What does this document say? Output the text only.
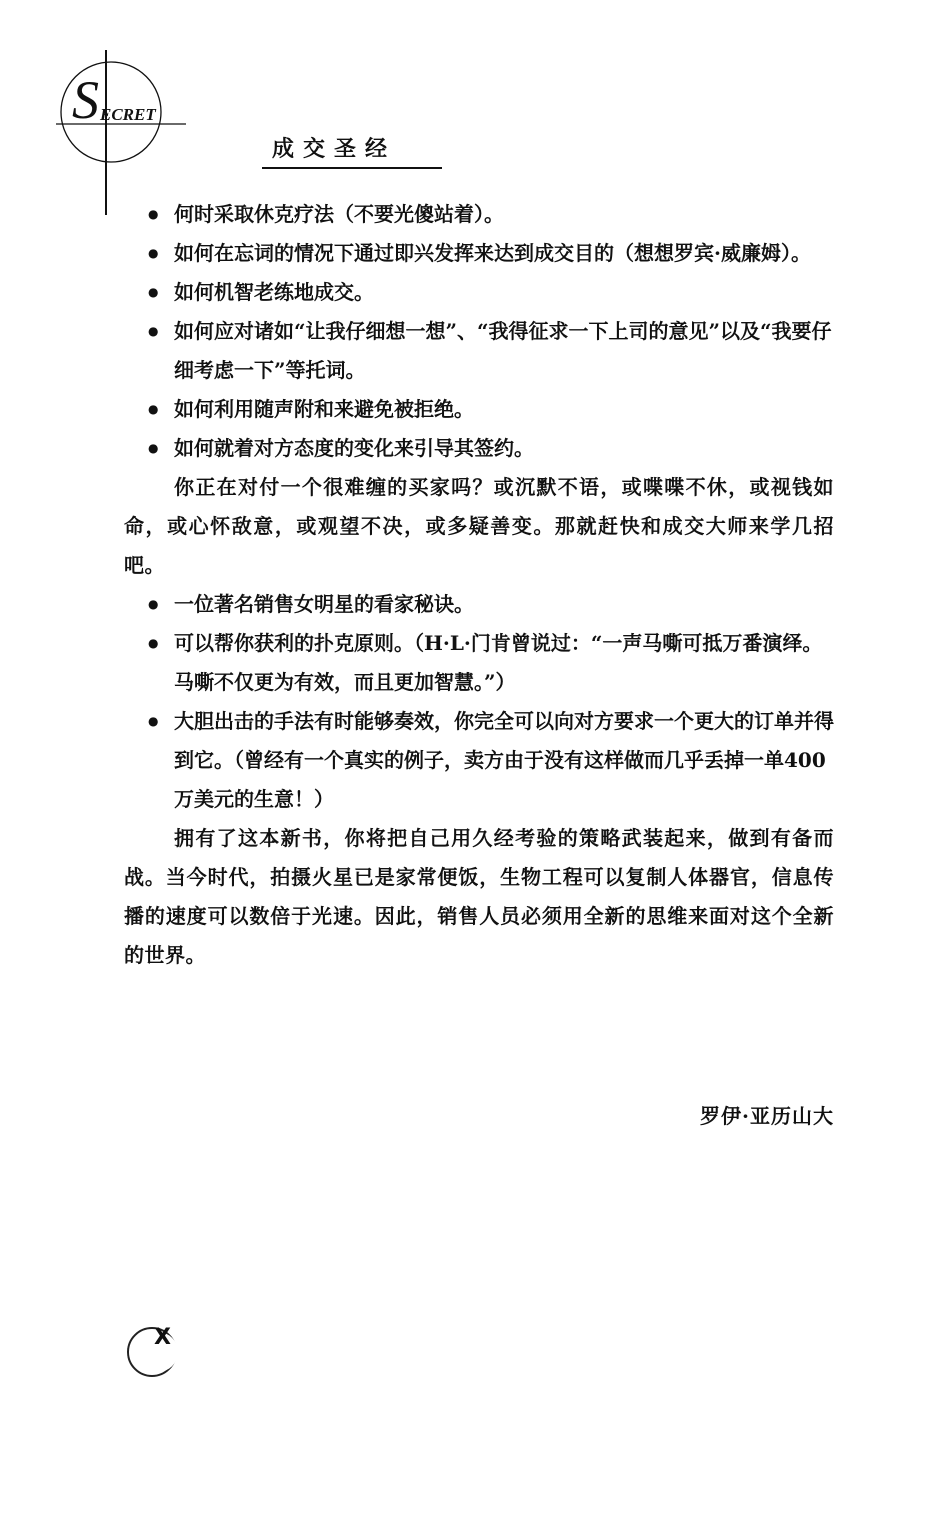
S ECRET
成交圣经
● 何时采取休克疗法（不要光傻站着）。
● 如何在忘词的情况下通过即兴发挥来达到成交目的（想想罗宾·威廉姆）。
● 如何机智老练地成交。
● 如何应对诸如“让我仔细想一想”、“我得征求一下上司的意见”以及“我要仔细考虑一下”等托词。
● 如何利用随声附和来避免被拒绝。
● 如何就着对方态度的变化来引导其签约。

你正在对付一个很难缠的买家吗？或沉默不语，或喋喋不休，或视钱如命，或心怀敌意，或观望不决，或多疑善变。那就赶快和成交大师来学几招吧。

● 一位著名销售女明星的看家秘诀。
● 可以帮你获利的扑克原则。（H·L·门肯曾说过：“一声马嘶可抵万番演绎。马嘶不仅更为有效，而且更加智慧。”）
● 大胆出击的手法有时能够奏效，你完全可以向对方要求一个更大的订单并得到它。（曾经有一个真实的例子，卖方由于没有这样做而几乎丢掉一单400万美元的生意！）

拥有了这本新书，你将把自己用久经考验的策略武装起来，做到有备而战。当今时代，拍摄火星已是家常便饭，生物工程可以复制人体器官，信息传播的速度可以数倍于光速。因此，销售人员必须用全新的思维来面对这个全新的世界。

罗伊·亚历山大
X
